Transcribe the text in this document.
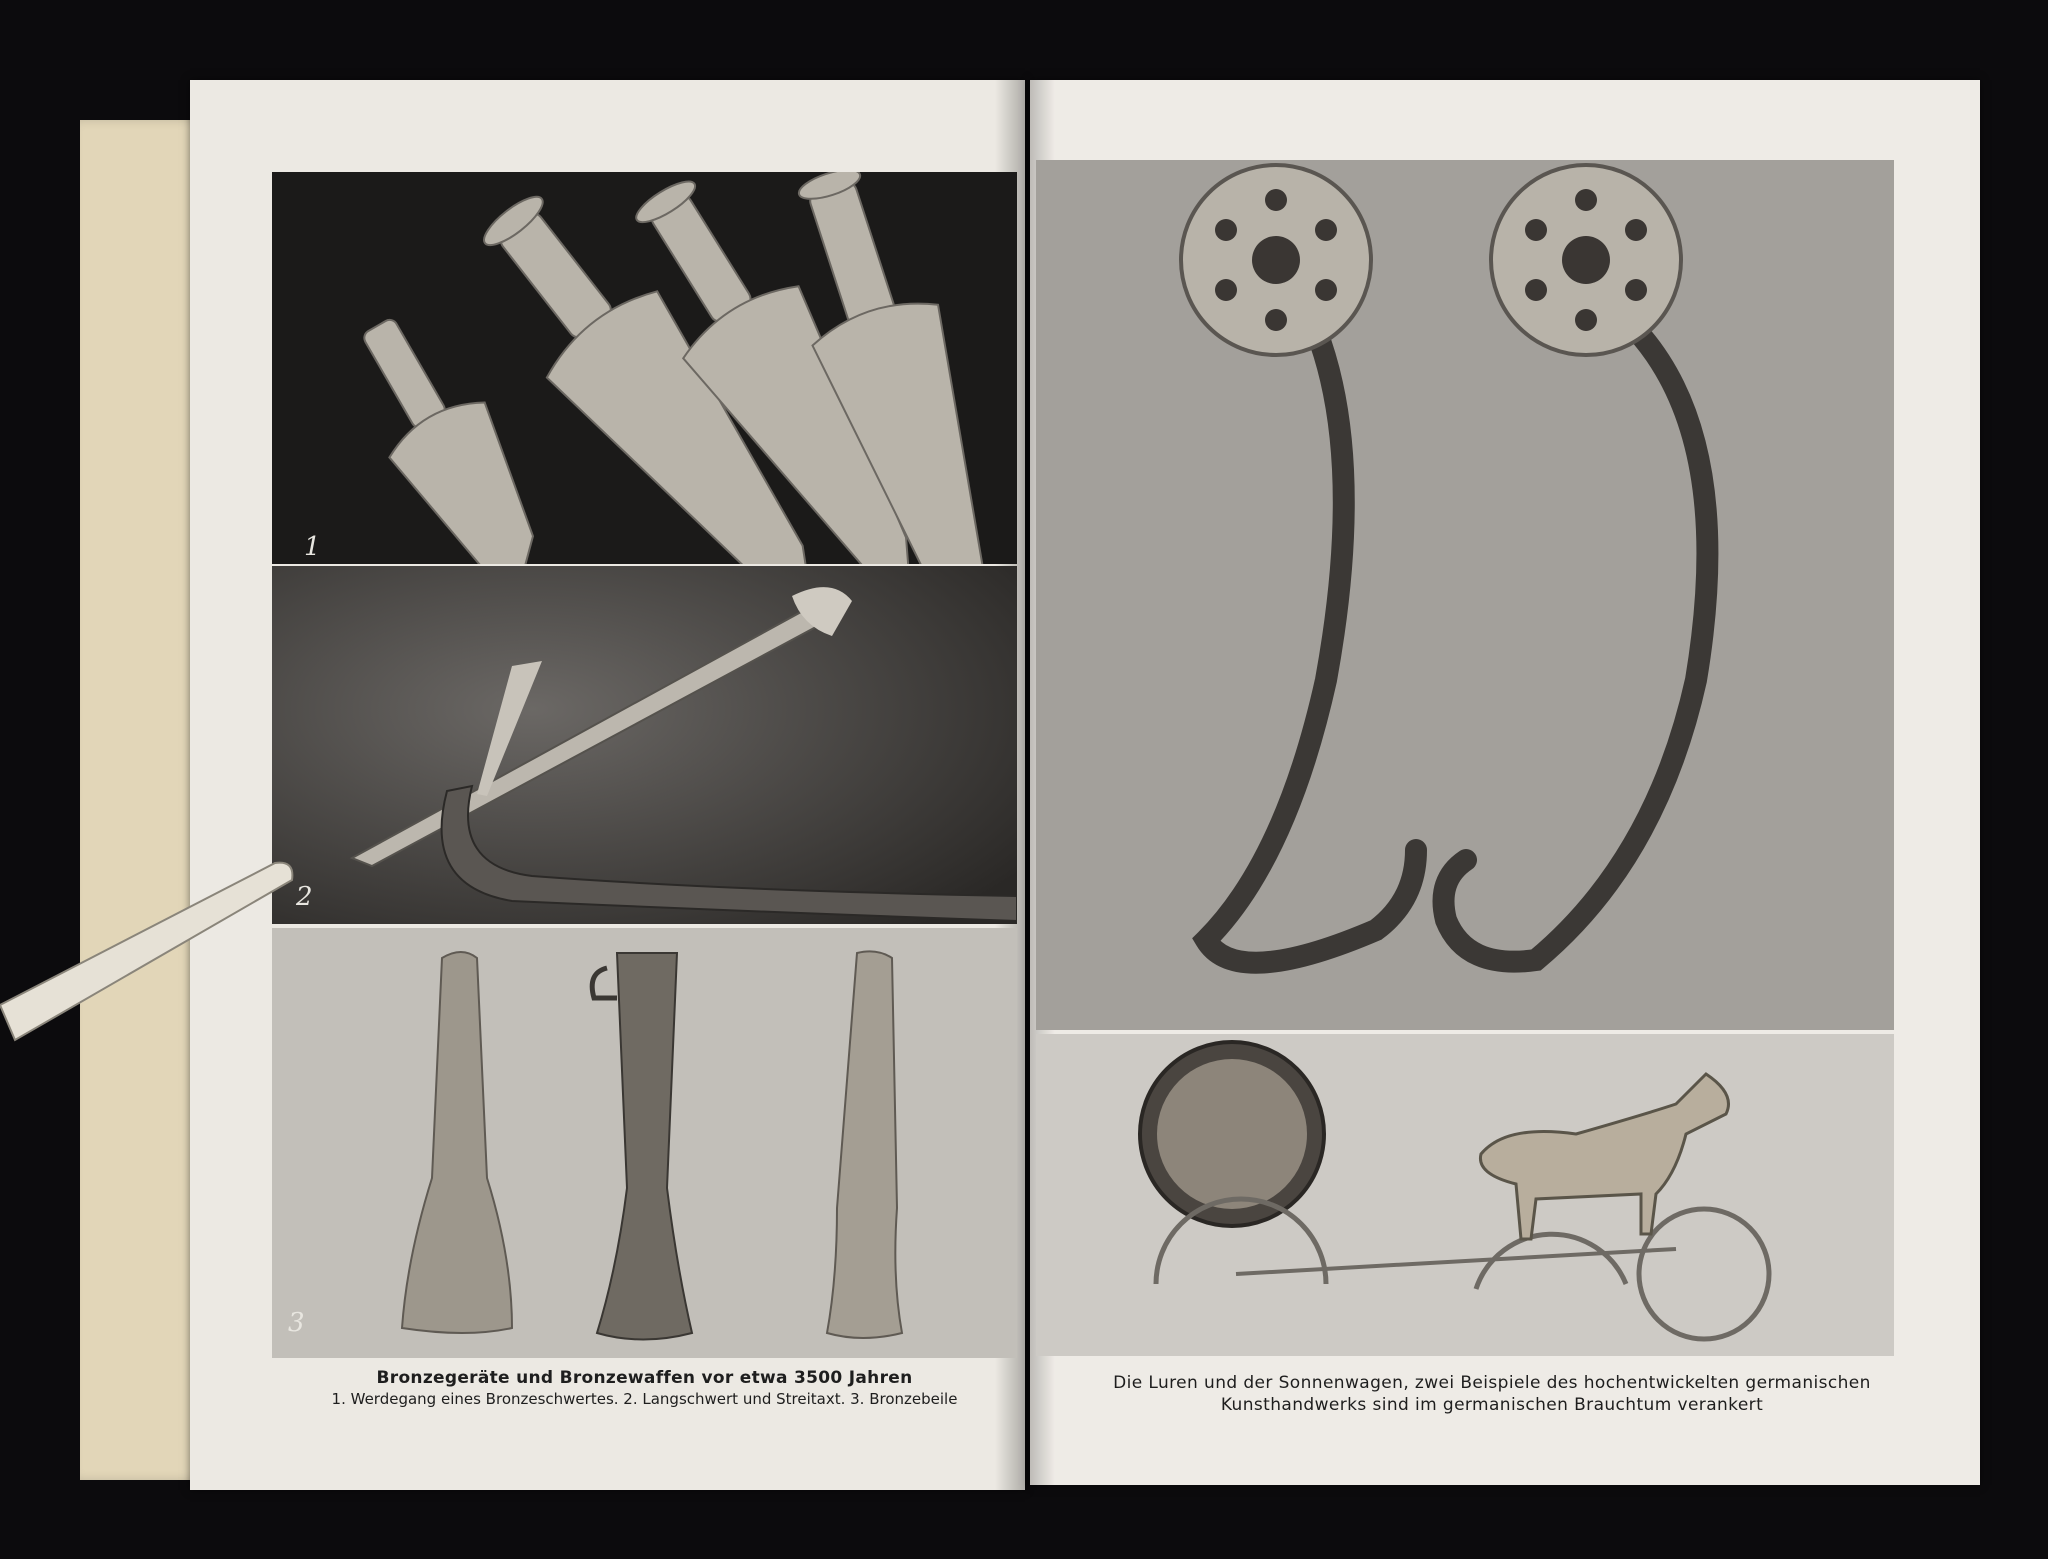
1
2
3
Bronzegeräte und Bronzewaffen vor etwa 3500 Jahren
1. Werdegang eines Bronzeschwertes. 2. Langschwert und Streitaxt. 3. Bronzebeile
Die Luren und der Sonnenwagen, zwei Beispiele des hochentwickelten germanischen
Kunsthandwerks sind im germanischen Brauchtum verankert
